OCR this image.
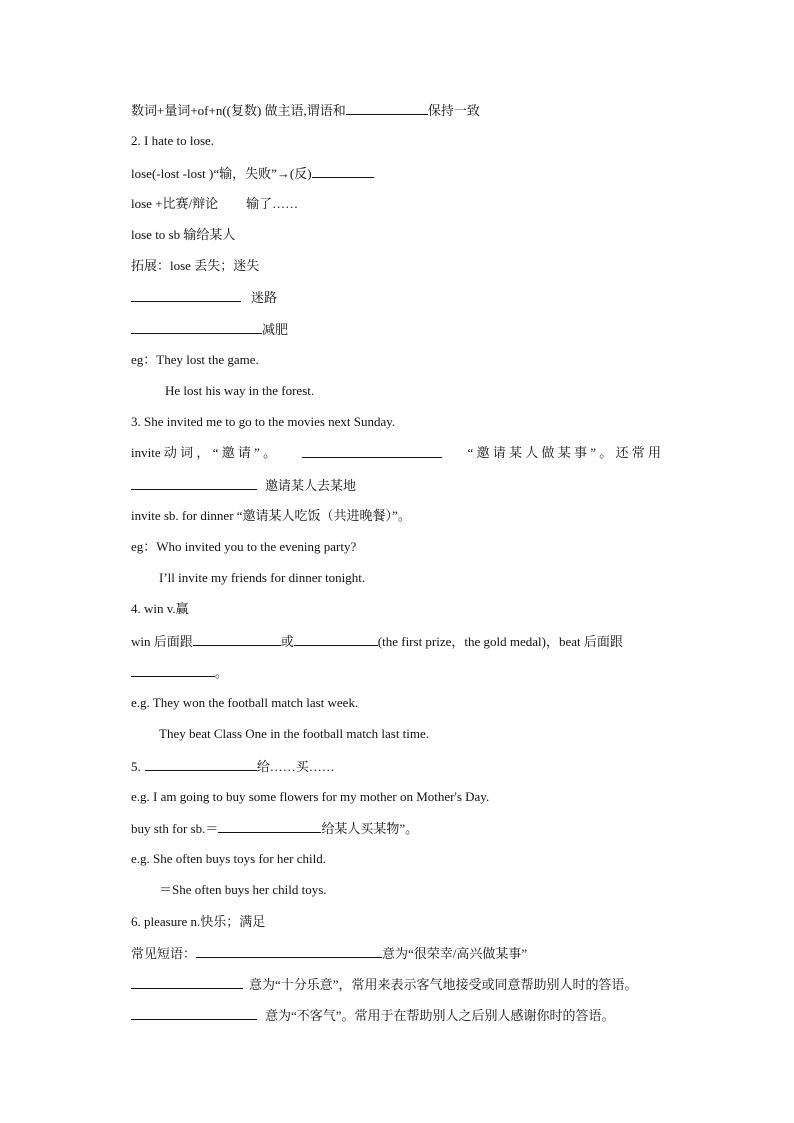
数词+量词+of+n((复数) 做主语,谓语和	保持一致
2. I hate to lose.
lose(-lost -lost )“输，失败”→(反)
lose +比赛/辩论 输了……
lose to sb 输给某人
拓展：lose 丢失；迷失
迷路
减肥
eg：They lost the game.
He lost his way in the forest.
3. She invited me to go to the movies next Sunday.
invite 动 词 ， “ 邀 请 ” 。	“ 邀 请 某 人 做 某 事 ” 。 还 常 用
邀请某人去某地
invite sb. for dinner “邀请某人吃饭（共进晚餐）”。
eg：Who invited you to the evening party?
I’ll invite my friends for dinner tonight.
4. win v.赢
win 后面跟	或	(the first prize，the gold medal)，beat 后面跟
。
e.g. They won the football match last week.
They beat Class One in the football match last time.
5.	给……买……
e.g. I am going to buy some flowers for my mother on Mother's Day.
buy sth for sb.＝	给某人买某物”。
e.g. She often buys toys for her child.
＝She often buys her child toys.
6. pleasure n.快乐；满足
常见短语：	意为“很荣幸/高兴做某事”
意为“十分乐意”，常用来表示客气地接受或同意帮助别人时的答语。
意为“不客气”。常用于在帮助别人之后别人感谢你时的答语。
